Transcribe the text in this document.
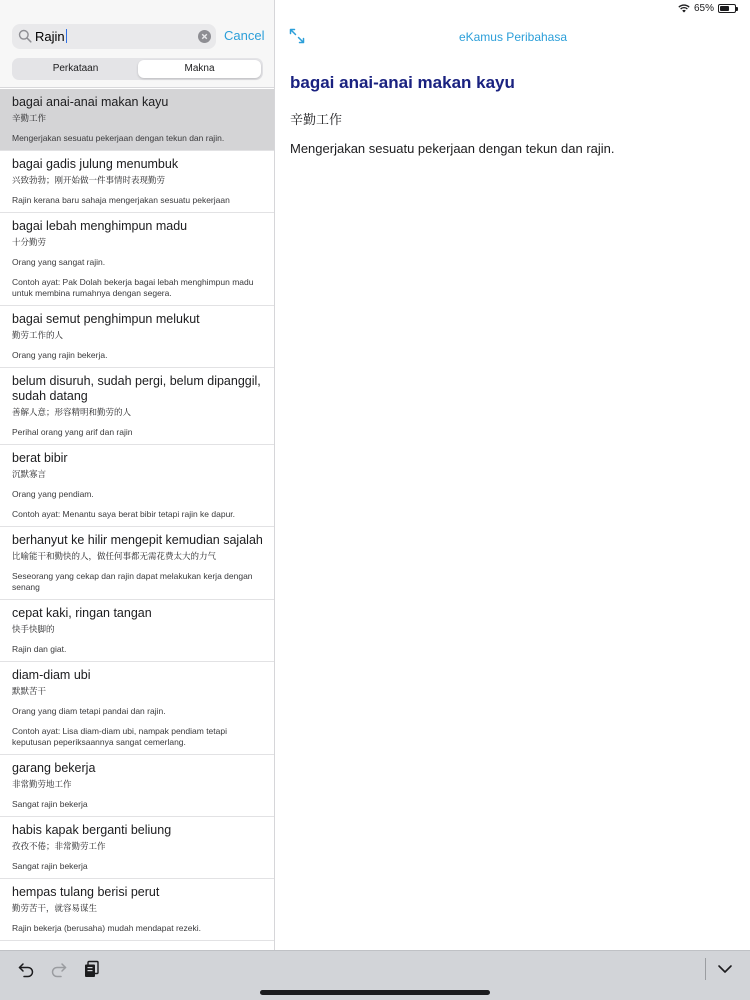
65%
Rajin	Cancel
Perkataan	Makna
bagai anai-anai makan kayu
辛勤工作
Mengerjakan sesuatu pekerjaan dengan tekun dan rajin.
bagai gadis julung menumbuk
兴致勃勃；刚开始做一件事情时表现勤劳
Rajin kerana baru sahaja mengerjakan sesuatu pekerjaan
bagai lebah menghimpun madu
十分勤劳
Orang yang sangat rajin.
Contoh ayat: Pak Dolah bekerja bagai lebah menghimpun madu untuk membina rumahnya dengan segera.
bagai semut penghimpun melukut
勤劳工作的人
Orang yang rajin bekerja.
belum disuruh, sudah pergi, belum dipanggil, sudah datang
善解人意；形容精明和勤劳的人
Perihal orang yang arif dan rajin
berat bibir
沉默寡言
Orang yang pendiam.
Contoh ayat: Menantu saya berat bibir tetapi rajin ke dapur.
berhanyut ke hilir mengepit kemudian sajalah
比喻能干和勤快的人，做任何事都无需花费太大的力气
Seseorang yang cekap dan rajin dapat melakukan kerja dengan senang
cepat kaki, ringan tangan
快手快脚的
Rajin dan giat.
diam-diam ubi
默默苦干
Orang yang diam tetapi pandai dan rajin.
Contoh ayat: Lisa diam-diam ubi, nampak pendiam tetapi keputusan peperiksaannya sangat cemerlang.
garang bekerja
非常勤劳地工作
Sangat rajin bekerja
habis kapak berganti beliung
孜孜不倦；非常勤劳工作
Sangat rajin bekerja
hempas tulang berisi perut
勤劳苦干，就容易谋生
Rajin bekerja (berusaha) mudah mendapat rezeki.
eKamus Peribahasa
bagai anai-anai makan kayu
辛勤工作
Mengerjakan sesuatu pekerjaan dengan tekun dan rajin.
